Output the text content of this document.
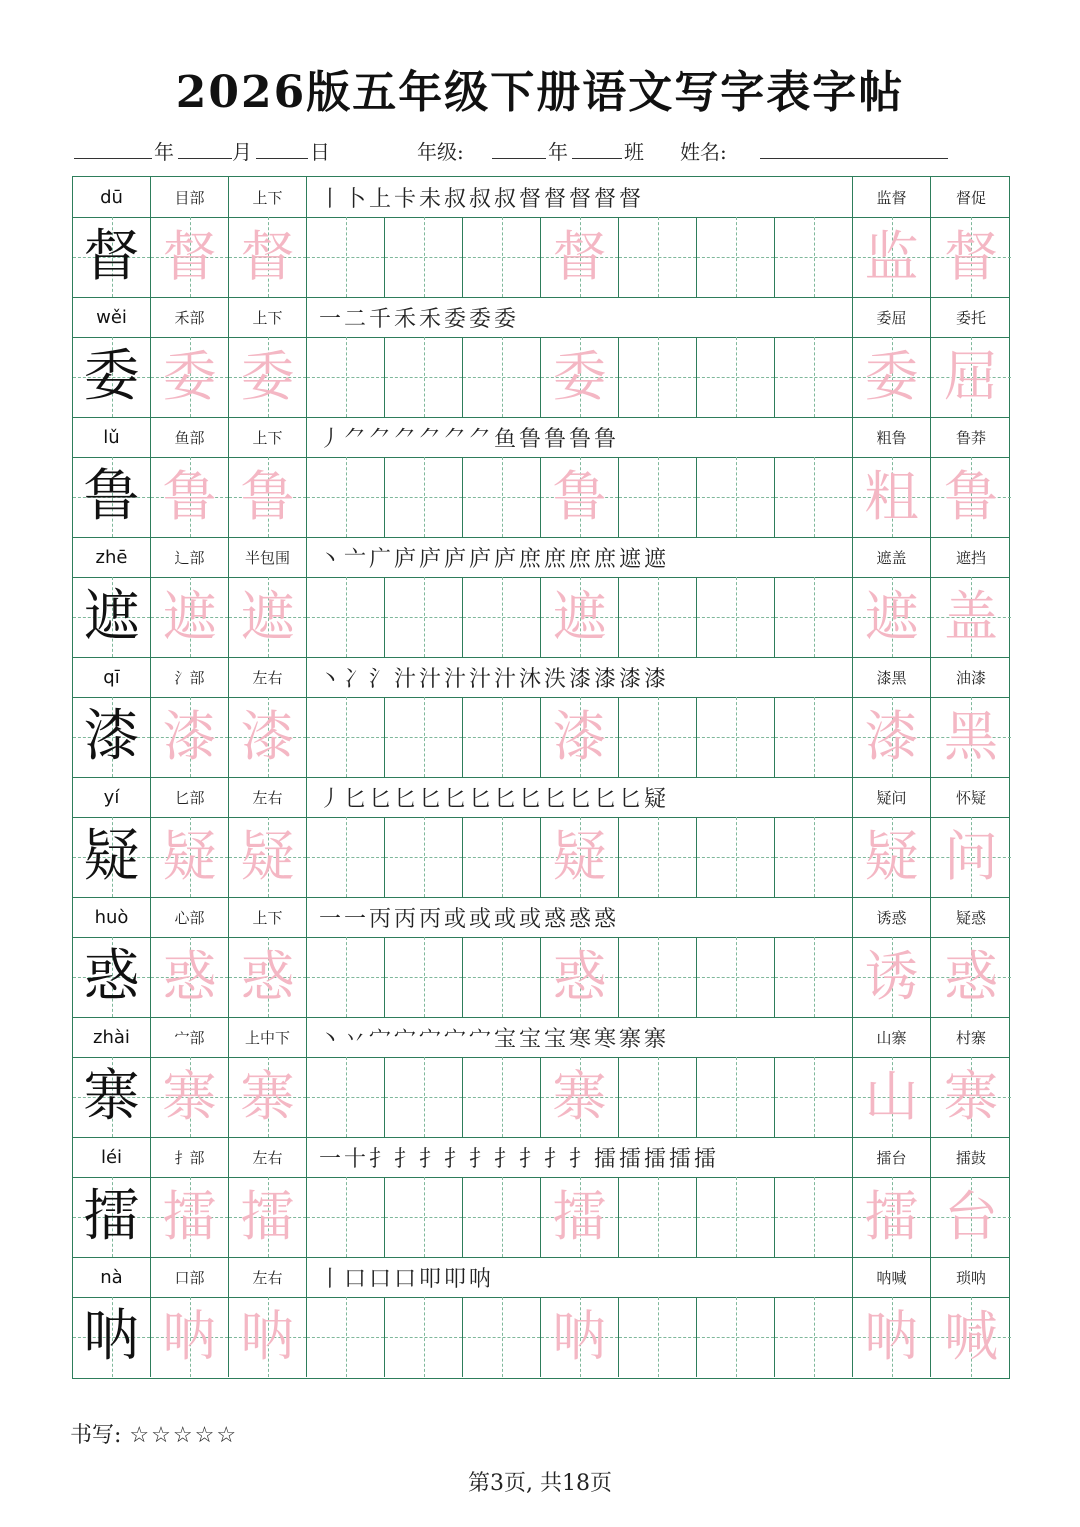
2026版五年级下册语文写字表字帖
年	月	日	年级:	年	班 姓名:
dū	目部	上下	丨卜上卡未叔叔叔督督督督督	监督	督促
督 督 督	督	监 督
wěi	禾部	上下	一二千禾禾委委委	委屈	委托
委 委 委	委	委 屈
lǔ	鱼部	上下	丿⺈⺈⺈⺈⺈⺈鱼鲁鲁鲁鲁	粗鲁	鲁莽
鲁 鲁 鲁	鲁	粗 鲁
zhē	辶部	半包围	丶亠广庐庐庐庐庐庶庶庶庶遮遮	遮盖	遮挡
遮 遮 遮	遮	遮 盖
qī	氵部	左右	丶冫氵汁汁汁汁汁沐泆漆漆漆漆	漆黑	油漆
漆 漆 漆	漆	漆 黑
yí	匕部	左右	丿匕匕匕匕匕匕匕匕匕匕匕匕疑	疑问	怀疑
疑 疑 疑	疑	疑 问
huò	心部	上下	一一丙丙丙或或或或惑惑惑	诱惑	疑惑
惑 惑 惑	惑	诱 惑
zhài	宀部	上中下	丶丷宀宀宀宀宀宝宝宝寒寒寨寨	山寨	村寨
寨 寨 寨	寨	山 寨
léi	扌部	左右	一十扌扌扌扌扌扌扌扌扌擂擂擂擂擂	擂台	擂鼓
擂 擂 擂	擂	擂 台
nà	口部	左右	丨口口口叩叩呐	呐喊	琐呐
呐 呐 呐	呐	呐 喊
书写: ☆☆☆☆☆
第3页, 共18页
